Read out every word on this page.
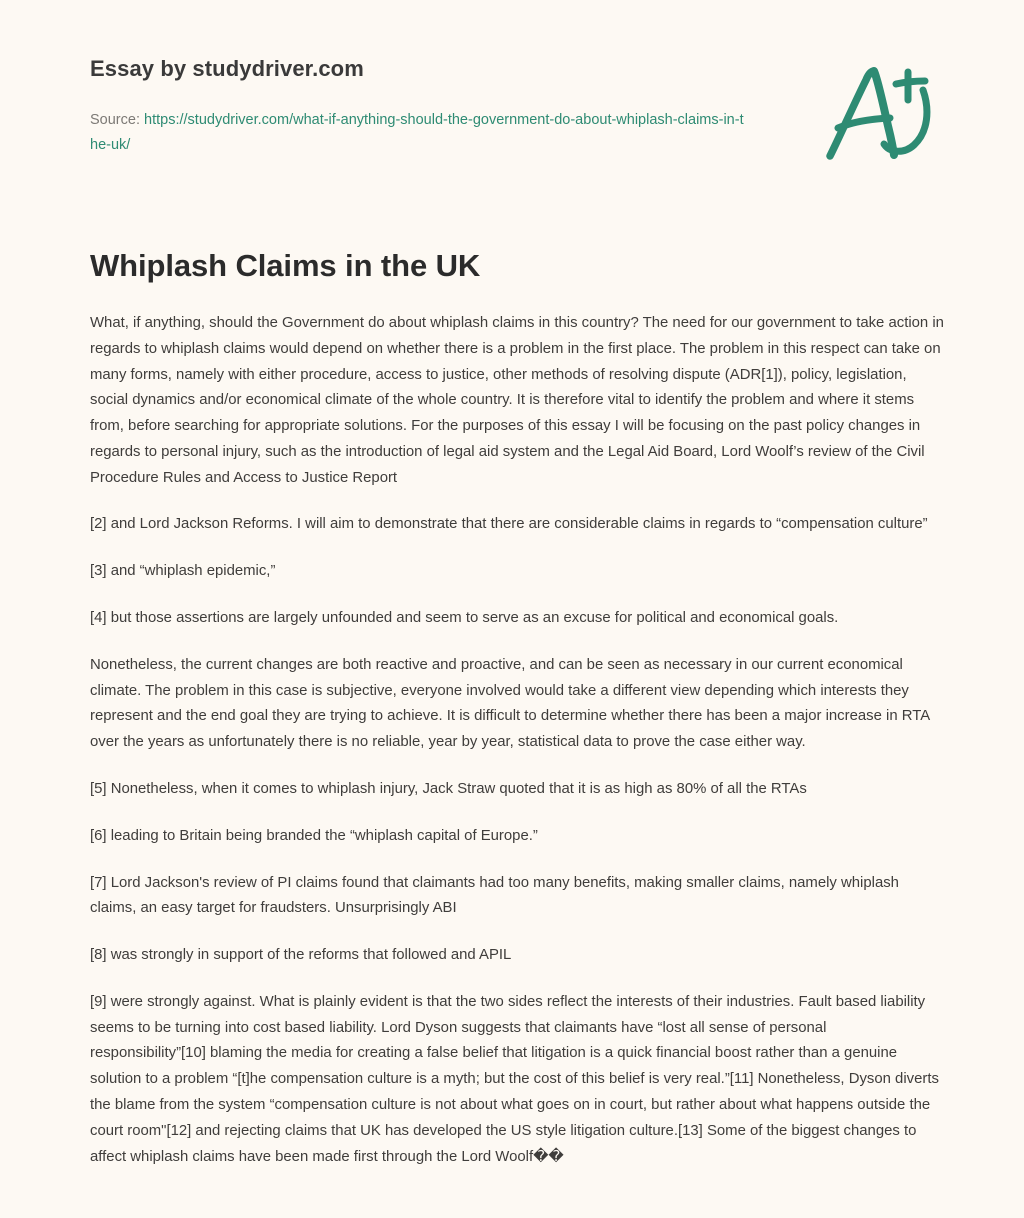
Essay by studydriver.com
Source: https://studydriver.com/what-if-anything-should-the-government-do-about-whiplash-claims-in-the-uk/
Whiplash Claims in the UK

What, if anything, should the Government do about whiplash claims in this country? The need for our government to take action in regards to whiplash claims would depend on whether there is a problem in the first place. The problem in this respect can take on many forms, namely with either procedure, access to justice, other methods of resolving dispute (ADR[1]), policy, legislation, social dynamics and/or economical climate of the whole country. It is therefore vital to identify the problem and where it stems from, before searching for appropriate solutions. For the purposes of this essay I will be focusing on the past policy changes in regards to personal injury, such as the introduction of legal aid system and the Legal Aid Board, Lord Woolf’s review of the Civil Procedure Rules and Access to Justice Report

[2] and Lord Jackson Reforms. I will aim to demonstrate that there are considerable claims in regards to “compensation culture”

[3] and “whiplash epidemic,”

[4] but those assertions are largely unfounded and seem to serve as an excuse for political and economical goals.

Nonetheless, the current changes are both reactive and proactive, and can be seen as necessary in our current economical climate. The problem in this case is subjective, everyone involved would take a different view depending which interests they represent and the end goal they are trying to achieve. It is difficult to determine whether there has been a major increase in RTA over the years as unfortunately there is no reliable, year by year, statistical data to prove the case either way.

[5] Nonetheless, when it comes to whiplash injury, Jack Straw quoted that it is as high as 80% of all the RTAs

[6] leading to Britain being branded the “whiplash capital of Europe.”

[7] Lord Jackson's review of PI claims found that claimants had too many benefits, making smaller claims, namely whiplash claims, an easy target for fraudsters. Unsurprisingly ABI

[8] was strongly in support of the reforms that followed and APIL

[9] were strongly against. What is plainly evident is that the two sides reflect the interests of their industries. Fault based liability seems to be turning into cost based liability. Lord Dyson suggests that claimants have “lost all sense of personal responsibility”[10] blaming the media for creating a false belief that litigation is a quick financial boost rather than a genuine solution to a problem “[t]he compensation culture is a myth; but the cost of this belief is very real.”[11] Nonetheless, Dyson diverts the blame from the system “compensation culture is not about what goes on in court, but rather about what happens outside the court room"[12] and rejecting claims that UK has developed the US style litigation culture.[13] Some of the biggest changes to affect whiplash claims have been made first through the Lord Woolf��
